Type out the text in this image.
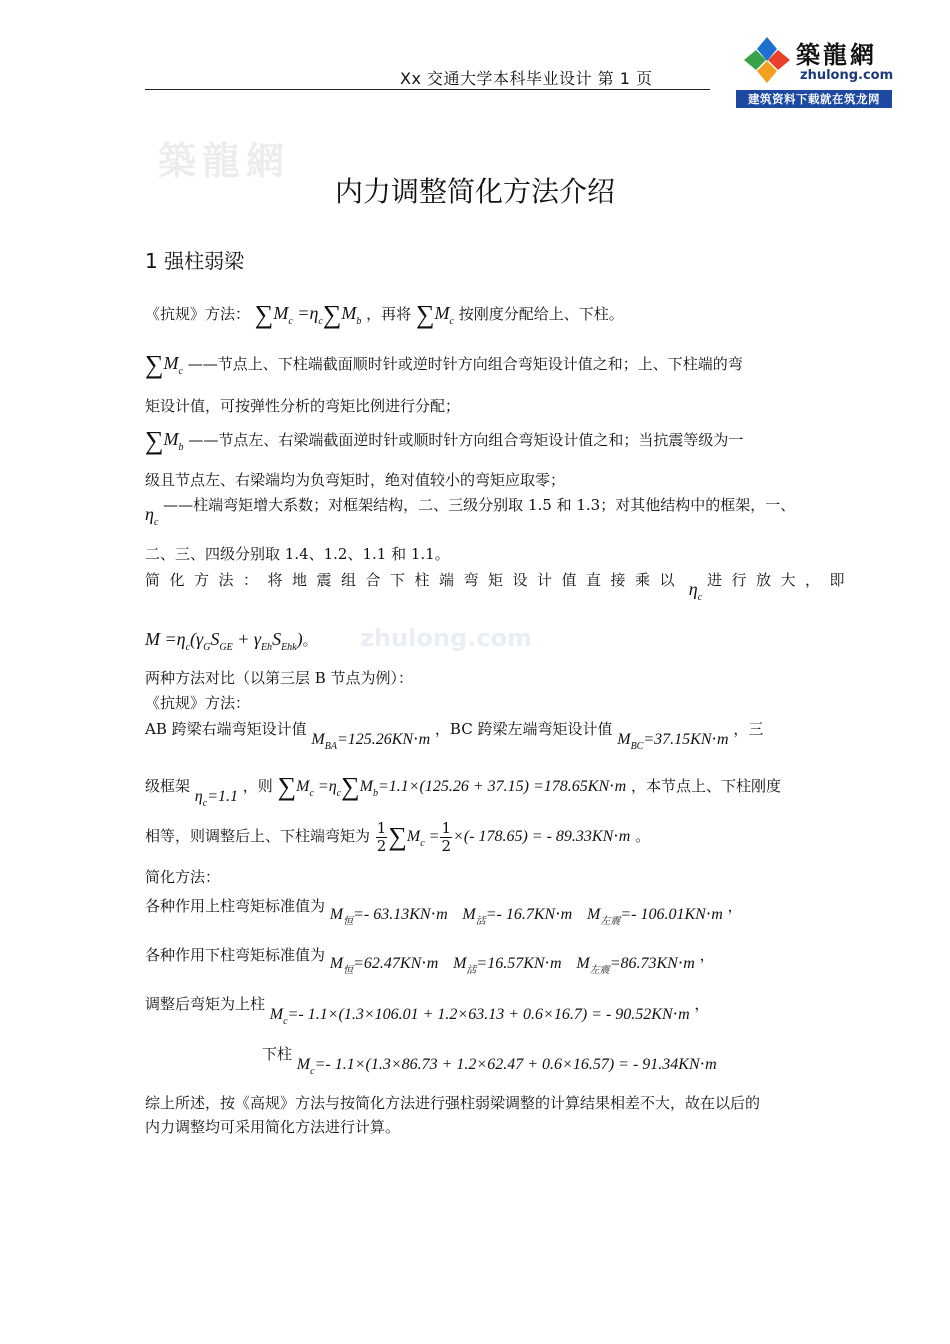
Xx 交通大学本科毕业设计 第 1 页
築龍網
zhulong.com
建筑资料下载就在筑龙网
築龍網
zhulong.com
内力调整简化方法介绍
1 强柱弱梁
《抗规》方法： $\sum M_c =\eta_c\sum M_b$ ，再将 $\sum M_c$ 按刚度分配给上、下柱。
$\sum M_c$ ——节点上、下柱端截面顺时针或逆时针方向组合弯矩设计值之和；上、下柱端的弯
矩设计值，可按弹性分析的弯矩比例进行分配；
$\sum M_b$ ——节点左、右梁端截面逆时针或顺时针方向组合弯矩设计值之和；当抗震等级为一
级且节点左、右梁端均为负弯矩时，绝对值较小的弯矩应取零；
$\eta_c$ ——柱端弯矩增大系数；对框架结构，二、三级分别取 1.5 和 1.3；对其他结构中的框架，一、
二、三、四级分别取 1.4、1.2、1.1 和 1.1。
简化方法：将地震组合下柱端弯矩设计值直接乘以 $\eta_c$ 进行放大，即
$M =\eta_c(\gamma_GS_{GE} + \gamma_{Eh}S_{Ehk})$。
两种方法对比（以第三层 B 节点为例）：
《抗规》方法：
AB 跨梁右端弯矩设计值 $M_{BA}=125.26KN\cdot m$ ，BC 跨梁左端弯矩设计值 $M_{BC}=37.15KN\cdot m$ ，三
级框架 $\eta_c=1.1$ ，则 $\sum M_c =\eta_c\sum M_b=1.1\times(125.26 + 37.15) =178.65KN\cdot m$ ，本节点上、下柱刚度
相等，则调整后上、下柱端弯矩为 $\frac{1}{2} \sum M_c = \frac{1}{2}$ ×(- 178.65) = - 89.33KN⋅m 。
简化方法：
各种作用上柱弯矩标准值为 $M_恒=-$ 63.13KN⋅m $M_活=-$ 16.7KN⋅m $M_{左震}=-$ 106.01KN⋅m ，
各种作用下柱弯矩标准值为 $M_恒=62.47KN\cdot m$ $M_活=16.57KN\cdot m$ $M_{左震}=86.73KN\cdot m$ ，
调整后弯矩为上柱 $M_c=-$ 1.1×(1.3×106.01 + 1.2×63.13 + 0.6×16.7) = - 90.52KN⋅m ，
下柱 $M_c=-$ 1.1×(1.3×86.73 + 1.2×62.47 + 0.6×16.57) = - 91.34KN⋅m
综上所述，按《高规》方法与按简化方法进行强柱弱梁调整的计算结果相差不大，故在以后的
内力调整均可采用简化方法进行计算。
